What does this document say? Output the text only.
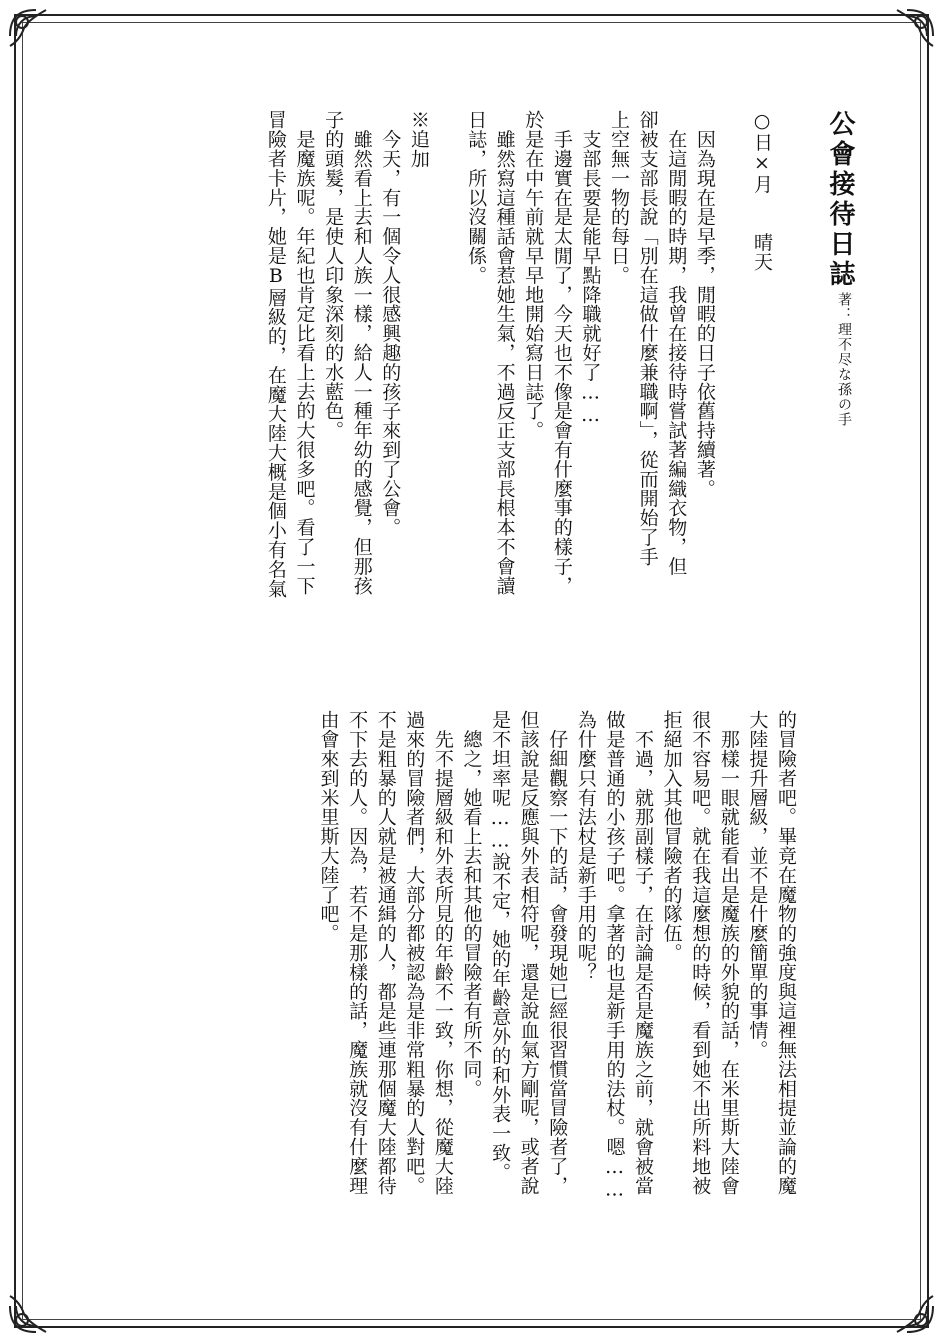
公會接待日誌
著：理不尽な孫の手
○日×月　　晴天

　因為現在是早季，閒暇的日子依舊持續著。
　在這閒暇的時期，我曾在接待時嘗試著編織衣物，但
卻被支部長說「別在這做什麼兼職啊」，從而開始了手
上空無一物的每日。
　支部長要是能早點降職就好了……
　手邊實在是太閒了，今天也不像是會有什麼事的樣子，
於是在中午前就早早地開始寫日誌了。
　雖然寫這種話會惹她生氣，不過反正支部長根本不會讀
日誌，所以沒關係。

※追加
　今天，有一個令人很感興趣的孩子來到了公會。
　雖然看上去和人族一樣，給人一種年幼的感覺，但那孩
子的頭髮，是使人印象深刻的水藍色。
　是魔族呢。年紀也肯定比看上去的大很多吧。看了一下
冒險者卡片，她是B層級的，在魔大陸大概是個小有名氣
的冒險者吧。畢竟在魔物的強度與這裡無法相提並論的魔
大陸提升層級，並不是什麼簡單的事情。
　那樣一眼就能看出是魔族的外貌的話，在米里斯大陸會
很不容易吧。就在我這麼想的時候，看到她不出所料地被
拒絕加入其他冒險者的隊伍。
　不過，就那副樣子，在討論是否是魔族之前，就會被當
做是普通的小孩子吧。拿著的也是新手用的法杖。嗯……
為什麼只有法杖是新手用的呢？
　仔細觀察一下的話，會發現她已經很習慣當冒險者了，
但該說是反應與外表相符呢，還是說血氣方剛呢，或者說
是不坦率呢……說不定，她的年齡意外的和外表一致。
　總之，她看上去和其他的冒險者有所不同。
　先不提層級和外表所見的年齡不一致，你想，從魔大陸
過來的冒險者們，大部分都被認為是非常粗暴的人對吧。
不是粗暴的人就是被通緝的人，都是些連那個魔大陸都待
不下去的人。因為，若不是那樣的話，魔族就沒有什麼理
由會來到米里斯大陸了吧。
